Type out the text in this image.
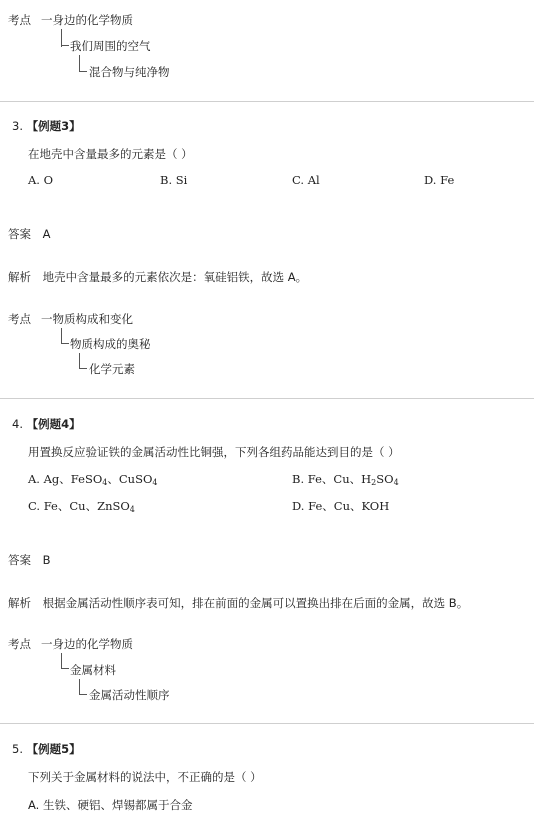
考点 一身边的化学物质
我们周围的空气
混合物与纯净物
3. 【例题3】
在地壳中含量最多的元素是（ ）
A. O	B. Si	C. Al	D. Fe
答案 A
解析 地壳中含量最多的元素依次是：氧硅铝铁，故选 A。
考点 一物质构成和变化
物质构成的奥秘
化学元素
4. 【例题4】
用置换反应验证铁的金属活动性比铜强，下列各组药品能达到目的是（ ）
A. Ag、FeSO$_4$、CuSO$_4$	B. Fe、Cu、$H_2SO_4$
C. Fe、Cu、ZnSO$_4$	D. Fe、Cu、KOH
答案 B
解析 根据金属活动性顺序表可知，排在前面的金属可以置换出排在后面的金属，故选 B。
考点 一身边的化学物质
金属材料
金属活动性顺序
5. 【例题5】
下列关于金属材料的说法中，不正确的是（ ）
A. 生铁、硬铝、焊锡都属于合金
